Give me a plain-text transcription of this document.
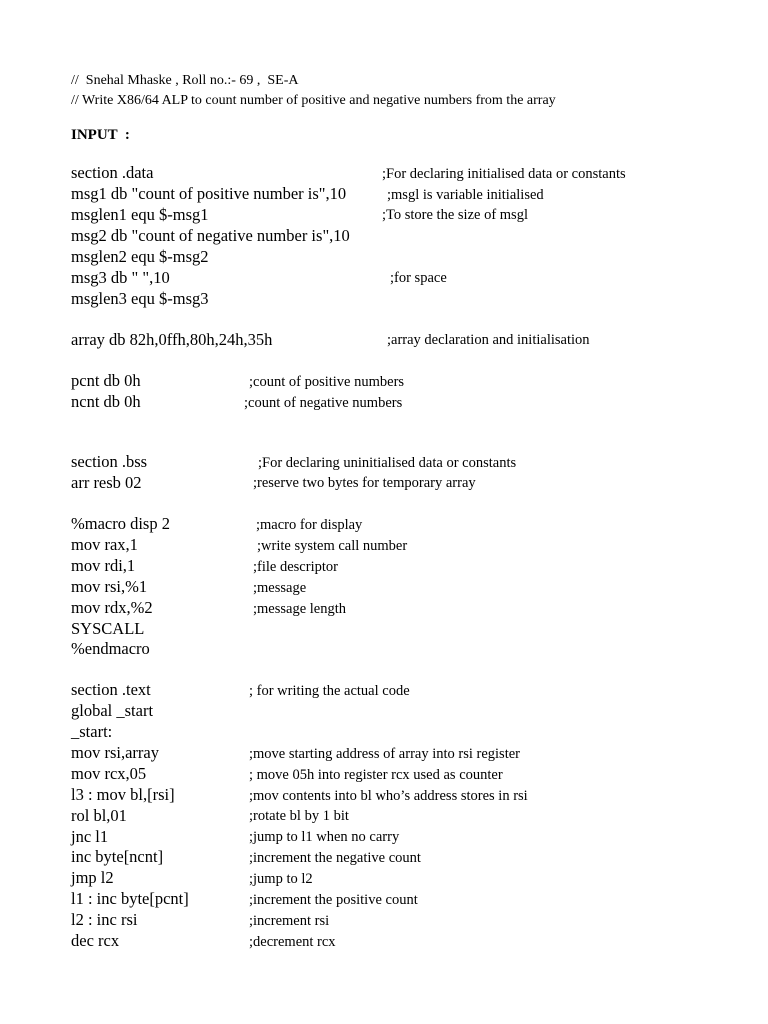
//  Snehal Mhaske , Roll no.:- 69 ,  SE-A
// Write X86/64 ALP to count number of positive and negative numbers from the array
INPUT  :
section .data	;For declaring initialised data or constants
msg1 db "count of positive number is",10	;msgl is variable initialised
msglen1 equ $-msg1	;To store the size of msgl
msg2 db "count of negative number is",10
msglen2 equ $-msg2
msg3 db " ",10	;for space
msglen3 equ $-msg3
array db 82h,0ffh,80h,24h,35h	;array declaration and initialisation
pcnt db 0h	;count of positive numbers
ncnt db 0h	;count of negative numbers
section .bss	;For declaring uninitialised data or constants
arr resb 02	;reserve two bytes for temporary array
%macro disp 2	;macro for display
mov rax,1	;write system call number
mov rdi,1	;file descriptor
mov rsi,%1	;message
mov rdx,%2	;message length
SYSCALL
%endmacro
section .text	; for writing the actual code
global _start
_start:
mov rsi,array	;move starting address of array into rsi register
mov rcx,05	; move 05h into register rcx used as counter
l3 : mov bl,[rsi]	;mov contents into bl who’s address stores in rsi
rol bl,01	;rotate bl by 1 bit
jnc l1	;jump to l1 when no carry
inc byte[ncnt]	;increment the negative count
jmp l2	;jump to l2
l1 : inc byte[pcnt]	;increment the positive count
l2 : inc rsi	;increment rsi
dec rcx	;decrement rcx
